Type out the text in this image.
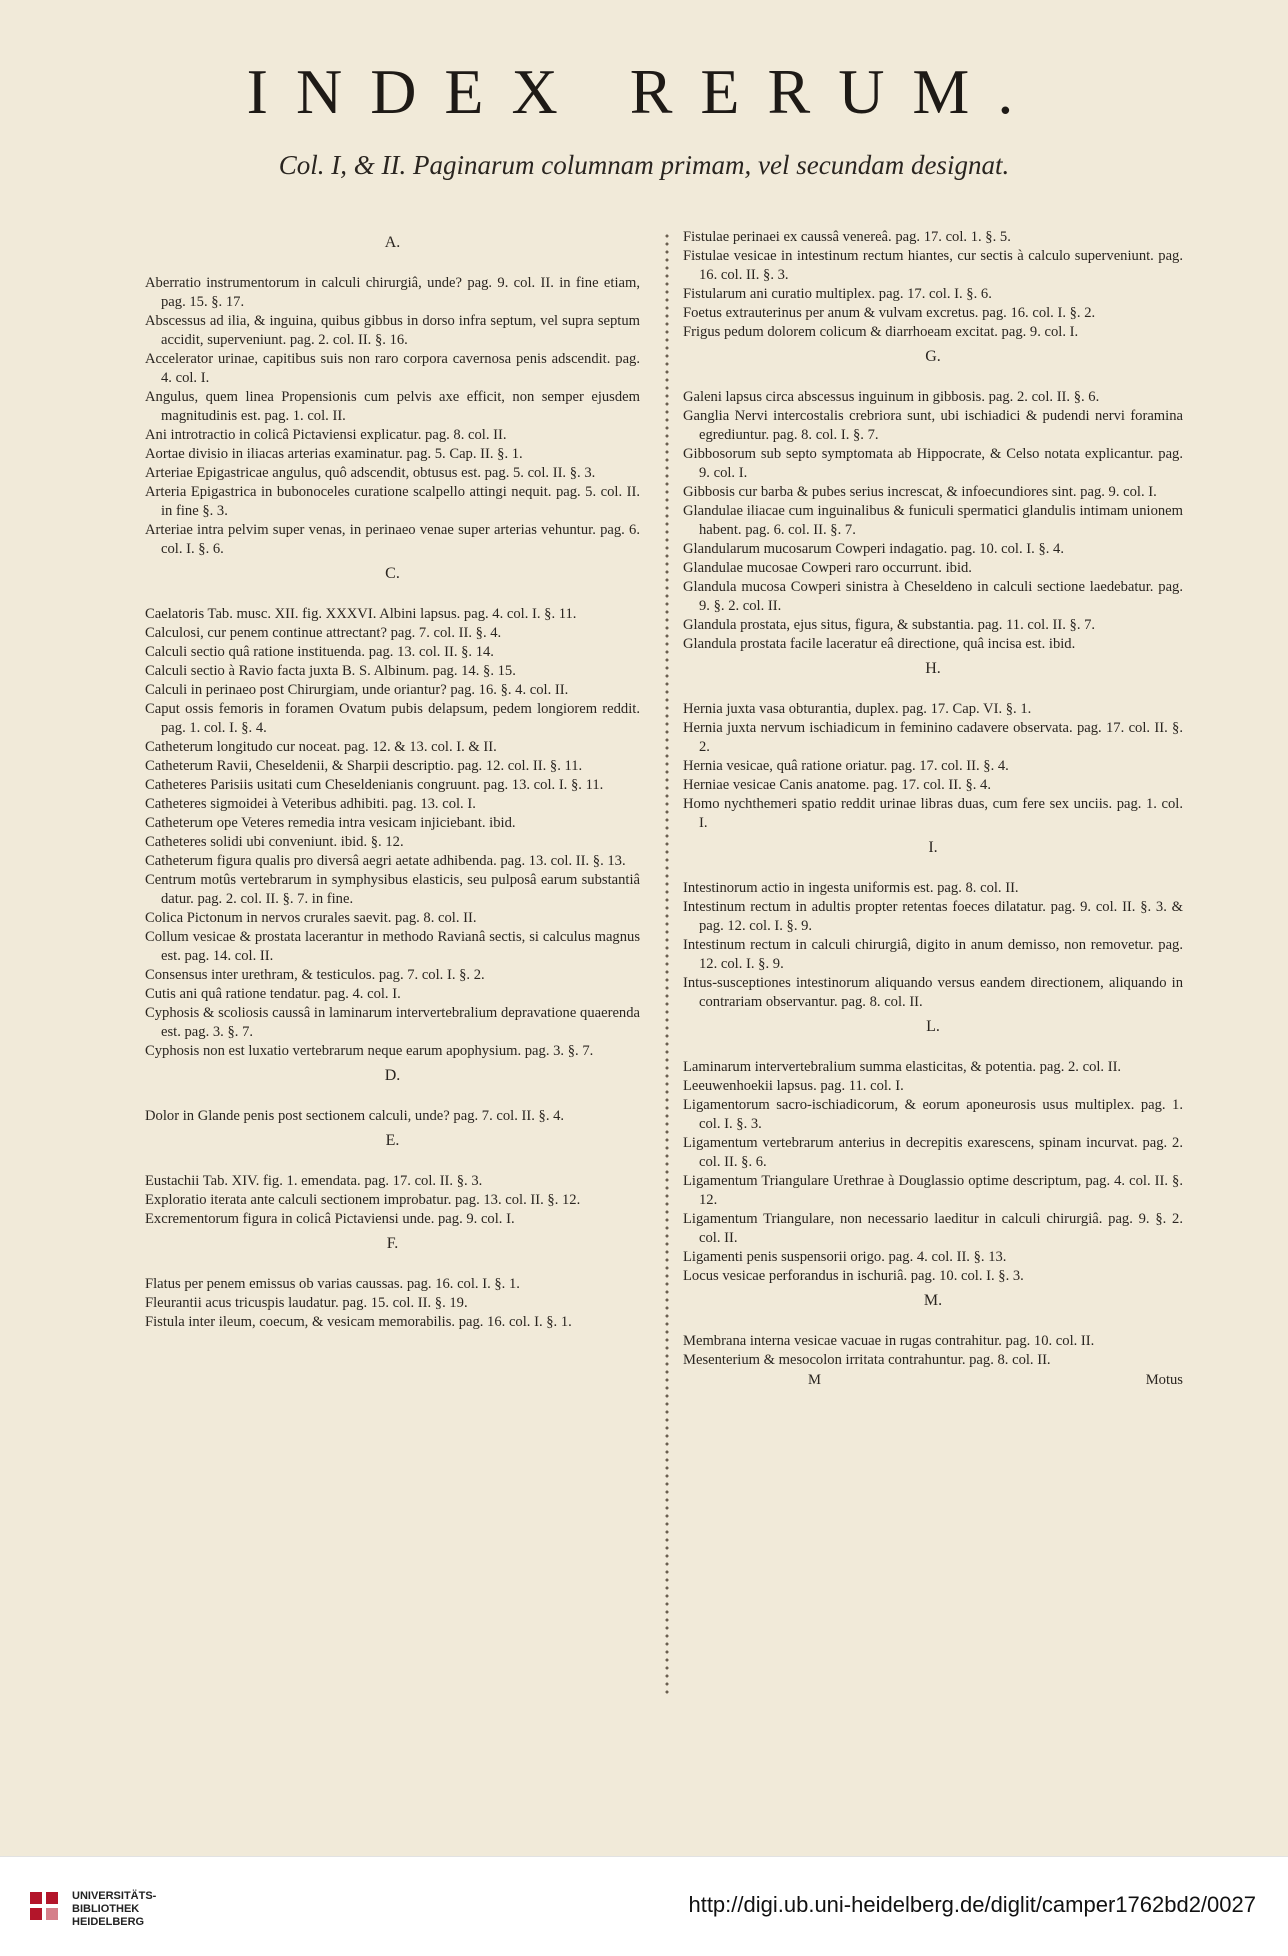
INDEX RERUM.
Col. I, & II. Paginarum columnam primam, vel secundam designat.
A.
Aberratio instrumentorum in calculi chirurgiâ, unde? pag. 9. col. II. in fine etiam, pag. 15. §. 17.
Abscessus ad ilia, & inguina, quibus gibbus in dorso infra septum, vel supra septum accidit, superveniunt. pag. 2. col. II. §. 16.
Accelerator urinae, capitibus suis non raro corpora cavernosa penis adscendit. pag. 4. col. I.
Angulus, quem linea Propensionis cum pelvis axe efficit, non semper ejusdem magnitudinis est. pag. 1. col. II.
Ani introtractio in colicâ Pictaviensi explicatur. pag. 8. col. II.
Aortae divisio in iliacas arterias examinatur. pag. 5. Cap. II. §. 1.
Arteriae Epigastricae angulus, quô adscendit, obtusus est. pag. 5. col. II. §. 3.
Arteria Epigastrica in bubonoceles curatione scalpello attingi nequit. pag. 5. col. II. in fine §. 3.
Arteriae intra pelvim super venas, in perinaeo venae super arterias vehuntur. pag. 6. col. I. §. 6.
C.
Caelatoris Tab. musc. XII. fig. XXXVI. Albini lapsus. pag. 4. col. I. §. 11.
Calculosi, cur penem continue attrectant? pag. 7. col. II. §. 4.
Calculi sectio quâ ratione instituenda. pag. 13. col. II. §. 14.
Calculi sectio à Ravio facta juxta B. S. Albinum. pag. 14. §. 15.
Calculi in perinaeo post Chirurgiam, unde oriantur? pag. 16. §. 4. col. II.
Caput ossis femoris in foramen Ovatum pubis delapsum, pedem longiorem reddit. pag. 1. col. I. §. 4.
Catheterum longitudo cur noceat. pag. 12. & 13. col. I. & II.
Catheterum Ravii, Cheseldenii, & Sharpii descriptio. pag. 12. col. II. §. 11.
Catheteres Parisiis usitati cum Cheseldenianis congruunt. pag. 13. col. I. §. 11.
Catheteres sigmoidei à Veteribus adhibiti. pag. 13. col. I.
Catheterum ope Veteres remedia intra vesicam injiciebant. ibid.
Catheteres solidi ubi conveniunt. ibid. §. 12.
Catheterum figura qualis pro diversâ aegri aetate adhibenda. pag. 13. col. II. §. 13.
Centrum motûs vertebrarum in symphysibus elasticis, seu pulposâ earum substantiâ datur. pag. 2. col. II. §. 7. in fine.
Colica Pictonum in nervos crurales saevit. pag. 8. col. II.
Collum vesicae & prostata lacerantur in methodo Ravianâ sectis, si calculus magnus est. pag. 14. col. II.
Consensus inter urethram, & testiculos. pag. 7. col. I. §. 2.
Cutis ani quâ ratione tendatur. pag. 4. col. I.
Cyphosis & scoliosis caussâ in laminarum intervertebralium depravatione quaerenda est. pag. 3. §. 7.
Cyphosis non est luxatio vertebrarum neque earum apophysium. pag. 3. §. 7.
D.
Dolor in Glande penis post sectionem calculi, unde? pag. 7. col. II. §. 4.
E.
Eustachii Tab. XIV. fig. 1. emendata. pag. 17. col. II. §. 3.
Exploratio iterata ante calculi sectionem improbatur. pag. 13. col. II. §. 12.
Excrementorum figura in colicâ Pictaviensi unde. pag. 9. col. I.
F.
Flatus per penem emissus ob varias caussas. pag. 16. col. I. §. 1.
Fleurantii acus tricuspis laudatur. pag. 15. col. II. §. 19.
Fistula inter ileum, coecum, & vesicam memorabilis. pag. 16. col. I. §. 1.
Fistulae perinaei ex caussâ venereâ. pag. 17. col. 1. §. 5.
Fistulae vesicae in intestinum rectum hiantes, cur sectis à calculo superveniunt. pag. 16. col. II. §. 3.
Fistularum ani curatio multiplex. pag. 17. col. I. §. 6.
Foetus extrauterinus per anum & vulvam excretus. pag. 16. col. I. §. 2.
Frigus pedum dolorem colicum & diarrhoeam excitat. pag. 9. col. I.
G.
Galeni lapsus circa abscessus inguinum in gibbosis. pag. 2. col. II. §. 6.
Ganglia Nervi intercostalis crebriora sunt, ubi ischiadici & pudendi nervi foramina egrediuntur. pag. 8. col. I. §. 7.
Gibbosorum sub septo symptomata ab Hippocrate, & Celso notata explicantur. pag. 9. col. I.
Gibbosis cur barba & pubes serius increscat, & infoecundiores sint. pag. 9. col. I.
Glandulae iliacae cum inguinalibus & funiculi spermatici glandulis intimam unionem habent. pag. 6. col. II. §. 7.
Glandularum mucosarum Cowperi indagatio. pag. 10. col. I. §. 4.
Glandulae mucosae Cowperi raro occurrunt. ibid.
Glandula mucosa Cowperi sinistra à Cheseldeno in calculi sectione laedebatur. pag. 9. §. 2. col. II.
Glandula prostata, ejus situs, figura, & substantia. pag. 11. col. II. §. 7.
Glandula prostata facile laceratur eâ directione, quâ incisa est. ibid.
H.
Hernia juxta vasa obturantia, duplex. pag. 17. Cap. VI. §. 1.
Hernia juxta nervum ischiadicum in feminino cadavere observata. pag. 17. col. II. §. 2.
Hernia vesicae, quâ ratione oriatur. pag. 17. col. II. §. 4.
Herniae vesicae Canis anatome. pag. 17. col. II. §. 4.
Homo nychthemeri spatio reddit urinae libras duas, cum fere sex unciis. pag. 1. col. I.
I.
Intestinorum actio in ingesta uniformis est. pag. 8. col. II.
Intestinum rectum in adultis propter retentas foeces dilatatur. pag. 9. col. II. §. 3. & pag. 12. col. I. §. 9.
Intestinum rectum in calculi chirurgiâ, digito in anum demisso, non removetur. pag. 12. col. I. §. 9.
Intus-susceptiones intestinorum aliquando versus eandem directionem, aliquando in contrariam observantur. pag. 8. col. II.
L.
Laminarum intervertebralium summa elasticitas, & potentia. pag. 2. col. II.
Leeuwenhoekii lapsus. pag. 11. col. I.
Ligamentorum sacro-ischiadicorum, & eorum aponeurosis usus multiplex. pag. 1. col. I. §. 3.
Ligamentum vertebrarum anterius in decrepitis exarescens, spinam incurvat. pag. 2. col. II. §. 6.
Ligamentum Triangulare Urethrae à Douglassio optime descriptum, pag. 4. col. II. §. 12.
Ligamentum Triangulare, non necessario laeditur in calculi chirurgiâ. pag. 9. §. 2. col. II.
Ligamenti penis suspensorii origo. pag. 4. col. II. §. 13.
Locus vesicae perforandus in ischuriâ. pag. 10. col. I. §. 3.
M.
Membrana interna vesicae vacuae in rugas contrahitur. pag. 10. col. II.
Mesenterium & mesocolon irritata contrahuntur. pag. 8. col. II.
M	Motus
UNIVERSITÄTS-
BIBLIOTHEK
HEIDELBERG
http://digi.ub.uni-heidelberg.de/diglit/camper1762bd2/0027
